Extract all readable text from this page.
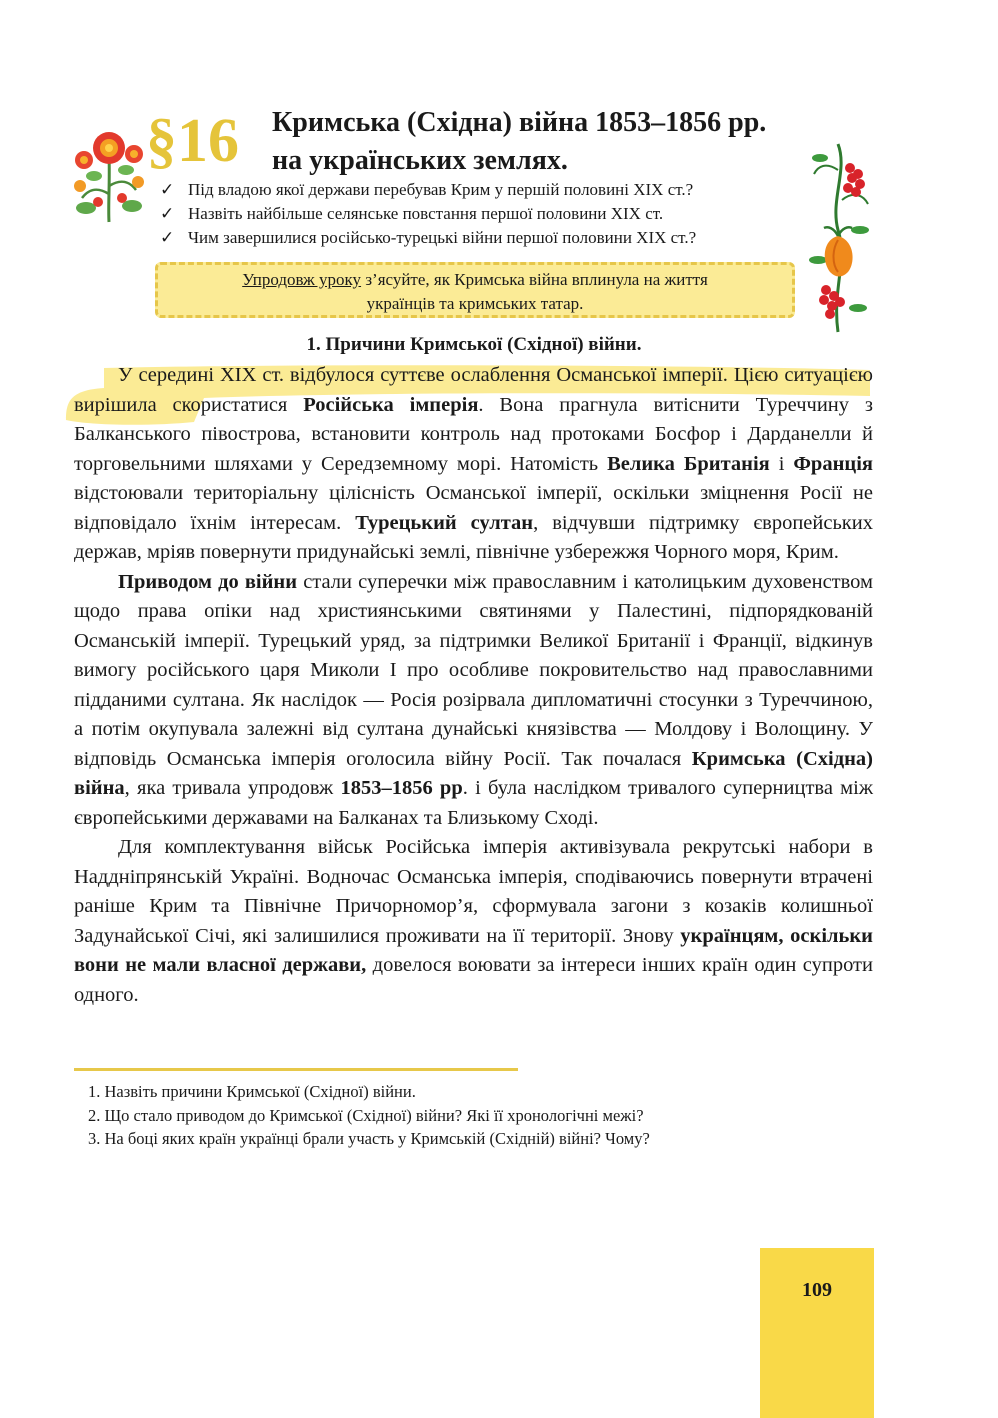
§16 Кримська (Східна) війна 1853–1856 рр.
на українських землях.
✓ Під владою якої держави перебував Крим у першій половині XIX ст.?
✓ Назвіть найбільше селянське повстання першої половини XIX ст.
✓ Чим завершилися російсько-турецькі війни першої половини XIX ст.?
Упродовж уроку з’ясуйте, як Кримська війна вплинула на життя
українців та кримських татар.
1. Причини Кримської (Східної) війни.

У середині XIX ст. відбулося суттєве ослаблення Османської імперії. Цією ситуацією вирішила скористатися Російська імперія. Вона прагнула витіснити Туреччину з Балканського півострова, встановити контроль над протоками Босфор і Дарданелли й торговельними шляхами у Середземному морі. Натомість Велика Британія і Франція відстоювали територіальну цілісність Османської імперії, оскільки зміцнення Росії не відповідало їхнім інтересам. Турецький султан, відчувши підтримку європейських держав, мріяв повернути придунайські землі, північне узбережжя Чорного моря, Крим.

Приводом до війни стали суперечки між православним і католицьким духовенством щодо права опіки над християнськими святинями у Палестині, підпорядкованій Османській імперії. Турецький уряд, за підтримки Великої Британії і Франції, відкинув вимогу російського царя Миколи І про особливе покровительство над православними підданими султана. Як наслідок — Росія розірвала дипломатичні стосунки з Туреччиною, а потім окупувала залежні від султана дунайські князівства — Молдову і Волощину. У відповідь Османська імперія оголосила війну Росії. Так почалася Кримська (Східна) війна, яка тривала упродовж 1853–1856 рр. і була наслідком тривалого суперництва між європейськими державами на Балканах та Близькому Сході.

Для комплектування військ Російська імперія активізувала рекрутські набори в Наддніпрянській Україні. Водночас Османська імперія, сподіваючись повернути втрачені раніше Крим та Північне Причорномор’я, сформувала загони з козаків колишньої Задунайської Січі, які залишилися проживати на її території. Знову українцям, оскільки вони не мали власної держави, довелося воювати за інтереси інших країн один супроти одного.

1. Назвіть причини Кримської (Східної) війни.
2. Що стало приводом до Кримської (Східної) війни? Які її хронологічні межі?
3. На боці яких країн українці брали участь у Кримській (Східній) війні? Чому?
109
